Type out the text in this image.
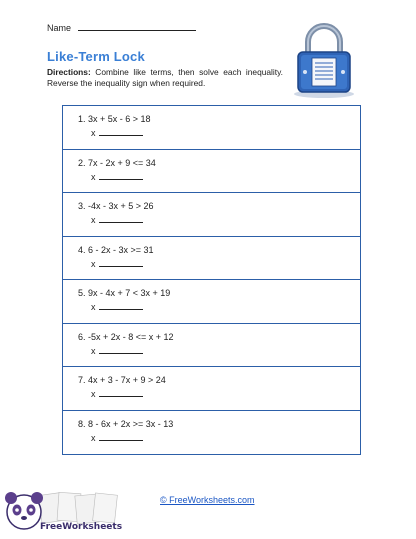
Name
Like-Term Lock
Directions: Combine like terms, then solve each inequality. Reverse the inequality sign when required.
1. 3x + 5x - 6 > 18
x
2. 7x - 2x + 9 <= 34
x
3. -4x - 3x + 5 > 26
x
4. 6 - 2x - 3x >= 31
x
5. 9x - 4x + 7 < 3x + 19
x
6. -5x + 2x - 8 <= x + 12
x
7. 4x + 3 - 7x + 9 > 24
x
8. 8 - 6x + 2x >= 3x - 13
x
FreeWorksheets
© FreeWorksheets.com
